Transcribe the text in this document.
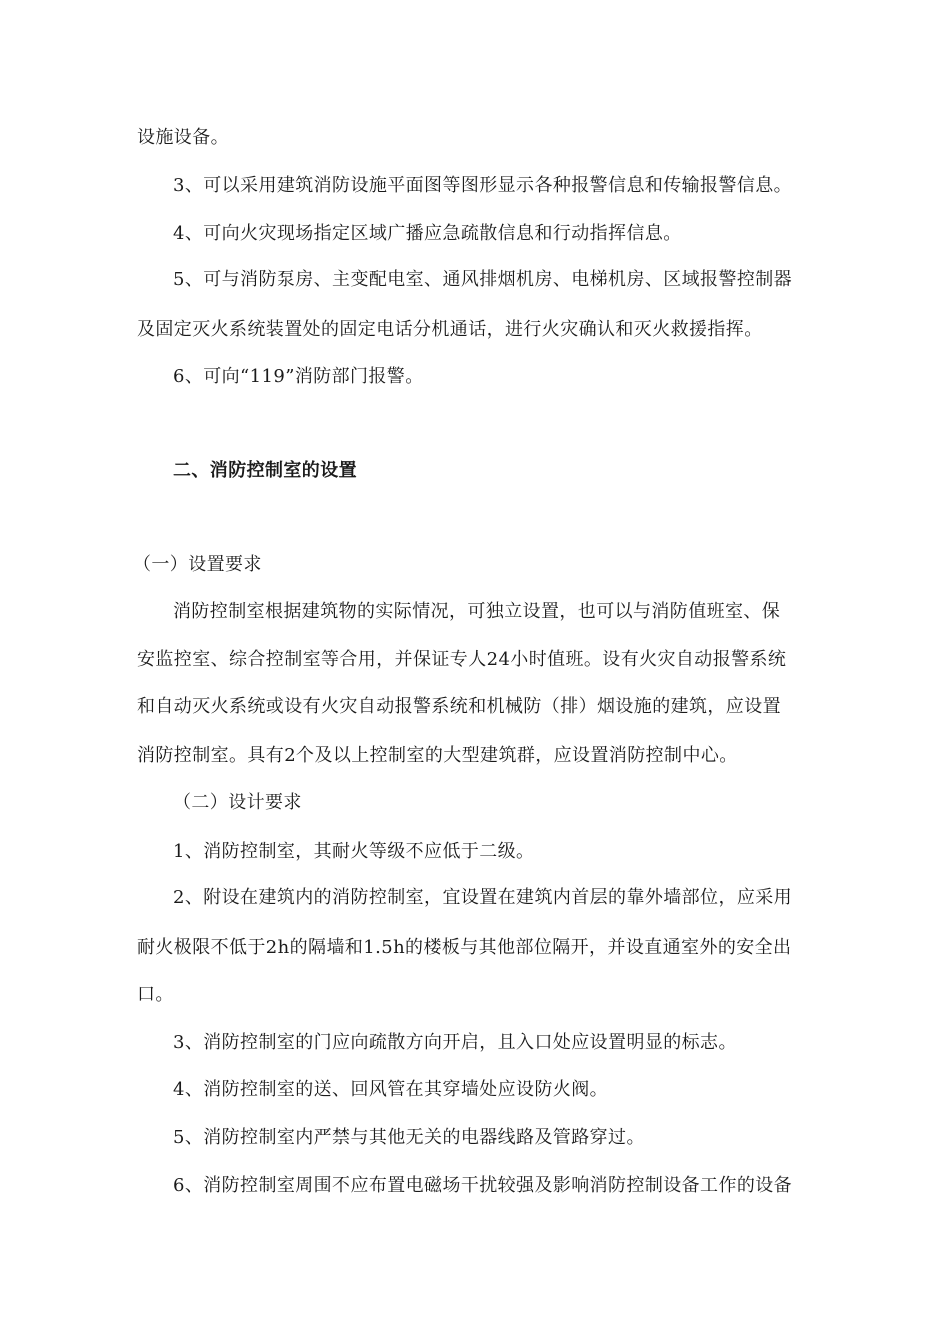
设施设备。
3、可以采用建筑消防设施平面图等图形显示各种报警信息和传输报警信息。
4、可向火灾现场指定区域广播应急疏散信息和行动指挥信息。
5、可与消防泵房、主变配电室、通风排烟机房、电梯机房、区域报警控制器
及固定灭火系统装置处的固定电话分机通话，进行火灾确认和灭火救援指挥。
6、可向“119”消防部门报警。
二、消防控制室的设置
（一）设置要求
消防控制室根据建筑物的实际情况，可独立设置，也可以与消防值班室、保
安监控室、综合控制室等合用，并保证专人24小时值班。设有火灾自动报警系统
和自动灭火系统或设有火灾自动报警系统和机械防（排）烟设施的建筑，应设置
消防控制室。具有2个及以上控制室的大型建筑群，应设置消防控制中心。
（二）设计要求
1、消防控制室，其耐火等级不应低于二级。
2、附设在建筑内的消防控制室，宜设置在建筑内首层的靠外墙部位，应采用
耐火极限不低于2h的隔墙和1.5h的楼板与其他部位隔开，并设直通室外的安全出
口。
3、消防控制室的门应向疏散方向开启，且入口处应设置明显的标志。
4、消防控制室的送、回风管在其穿墙处应设防火阀。
5、消防控制室内严禁与其他无关的电器线路及管路穿过。
6、消防控制室周围不应布置电磁场干扰较强及影响消防控制设备工作的设备
